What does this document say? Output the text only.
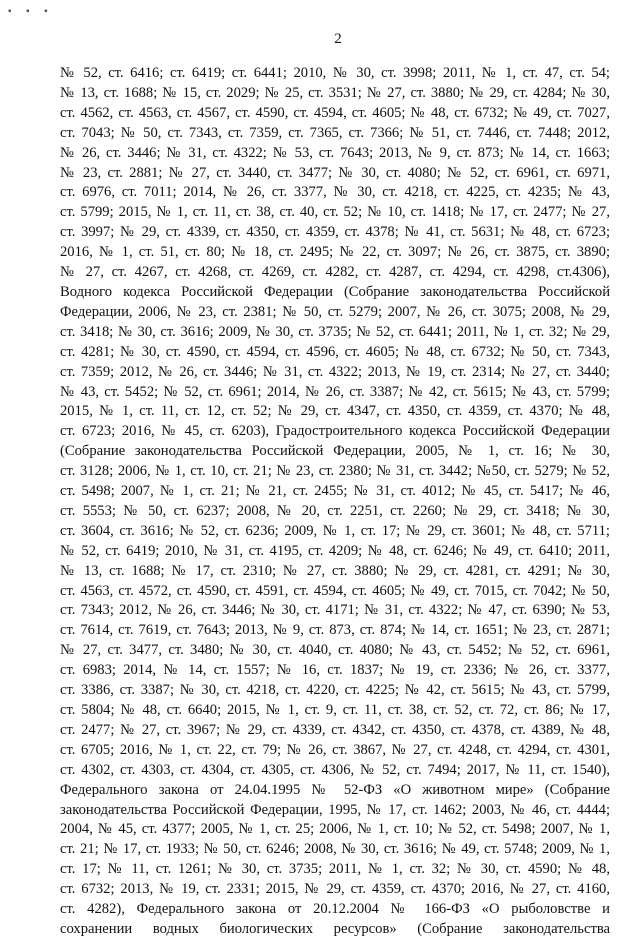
▪ ▪ ▪
2
№ 52, ст. 6416; ст. 6419; ст. 6441; 2010, № 30, ст. 3998; 2011, № 1, ст. 47, ст. 54;
№ 13, ст. 1688; № 15, ст. 2029; № 25, ст. 3531; № 27, ст. 3880; № 29, ст. 4284; № 30,
ст. 4562, ст. 4563, ст. 4567, ст. 4590, ст. 4594, ст. 4605; № 48, ст. 6732; № 49, ст. 7027,
ст. 7043; № 50, ст. 7343, ст. 7359, ст. 7365, ст. 7366; № 51, ст. 7446, ст. 7448; 2012,
№ 26, ст. 3446; № 31, ст. 4322; № 53, ст. 7643; 2013, № 9, ст. 873; № 14, ст. 1663;
№ 23, ст. 2881; № 27, ст. 3440, ст. 3477; № 30, ст. 4080; № 52, ст. 6961, ст. 6971,
ст. 6976, ст. 7011; 2014, № 26, ст. 3377, № 30, ст. 4218, ст. 4225, ст. 4235; № 43,
ст. 5799; 2015, № 1, ст. 11, ст. 38, ст. 40, ст. 52; № 10, ст. 1418; № 17, ст. 2477; № 27,
ст. 3997; № 29, ст. 4339, ст. 4350, ст. 4359, ст. 4378; № 41, ст. 5631; № 48, ст. 6723;
2016, № 1, ст. 51, ст. 80; № 18, ст. 2495; № 22, ст. 3097; № 26, ст. 3875, ст. 3890;
№ 27, ст. 4267, ст. 4268, ст. 4269, ст. 4282, ст. 4287, ст. 4294, ст. 4298, ст.4306),
Водного кодекса Российской Федерации (Собрание законодательства Российской
Федерации, 2006, № 23, ст. 2381; № 50, ст. 5279; 2007, № 26, ст. 3075; 2008, № 29,
ст. 3418; № 30, ст. 3616; 2009, № 30, ст. 3735; № 52, ст. 6441; 2011, № 1, ст. 32; № 29,
ст. 4281; № 30, ст. 4590, ст. 4594, ст. 4596, ст. 4605; № 48, ст. 6732; № 50, ст. 7343,
ст. 7359; 2012, № 26, ст. 3446; № 31, ст. 4322; 2013, № 19, ст. 2314; № 27, ст. 3440;
№ 43, ст. 5452; № 52, ст. 6961; 2014, № 26, ст. 3387; № 42, ст. 5615; № 43, ст. 5799;
2015, № 1, ст. 11, ст. 12, ст. 52; № 29, ст. 4347, ст. 4350, ст. 4359, ст. 4370; № 48,
ст. 6723; 2016, № 45, ст. 6203), Градостроительного кодекса Российской Федерации
(Собрание законодательства Российской Федерации, 2005, № 1, ст. 16; № 30,
ст. 3128; 2006, № 1, ст. 10, ст. 21; № 23, ст. 2380; № 31, ст. 3442; №50, ст. 5279; № 52,
ст. 5498; 2007, № 1, ст. 21; № 21, ст. 2455; № 31, ст. 4012; № 45, ст. 5417; № 46,
ст. 5553; № 50, ст. 6237; 2008, № 20, ст. 2251, ст. 2260; № 29, ст. 3418; № 30,
ст. 3604, ст. 3616; № 52, ст. 6236; 2009, № 1, ст. 17; № 29, ст. 3601; № 48, ст. 5711;
№ 52, ст. 6419; 2010, № 31, ст. 4195, ст. 4209; № 48, ст. 6246; № 49, ст. 6410; 2011,
№ 13, ст. 1688; № 17, ст. 2310; № 27, ст. 3880; № 29, ст. 4281, ст. 4291; № 30,
ст. 4563, ст. 4572, ст. 4590, ст. 4591, ст. 4594, ст. 4605; № 49, ст. 7015, ст. 7042; № 50,
ст. 7343; 2012, № 26, ст. 3446; № 30, ст. 4171; № 31, ст. 4322; № 47, ст. 6390; № 53,
ст. 7614, ст. 7619, ст. 7643; 2013, № 9, ст. 873, ст. 874; № 14, ст. 1651; № 23, ст. 2871;
№ 27, ст. 3477, ст. 3480; № 30, ст. 4040, ст. 4080; № 43, ст. 5452; № 52, ст. 6961,
ст. 6983; 2014, № 14, ст. 1557; № 16, ст. 1837; № 19, ст. 2336; № 26, ст. 3377,
ст. 3386, ст. 3387; № 30, ст. 4218, ст. 4220, ст. 4225; № 42, ст. 5615; № 43, ст. 5799,
ст. 5804; № 48, ст. 6640; 2015, № 1, ст. 9, ст. 11, ст. 38, ст. 52, ст. 72, ст. 86; № 17,
ст. 2477; № 27, ст. 3967; № 29, ст. 4339, ст. 4342, ст. 4350, ст. 4378, ст. 4389, № 48,
ст. 6705; 2016, № 1, ст. 22, ст. 79; № 26, ст. 3867, № 27, ст. 4248, ст. 4294, ст. 4301,
ст. 4302, ст. 4303, ст. 4304, ст. 4305, ст. 4306, № 52, ст. 7494; 2017, № 11, ст. 1540),
Федерального закона от 24.04.1995 № 52-ФЗ «О животном мире» (Собрание
законодательства Российской Федерации, 1995, № 17, ст. 1462; 2003, № 46, ст. 4444;
2004, № 45, ст. 4377; 2005, № 1, ст. 25; 2006, № 1, ст. 10; № 52, ст. 5498; 2007, № 1,
ст. 21; № 17, ст. 1933; № 50, ст. 6246; 2008, № 30, ст. 3616; № 49, ст. 5748; 2009, № 1,
ст. 17; № 11, ст. 1261; № 30, ст. 3735; 2011, № 1, ст. 32; № 30, ст. 4590; № 48,
ст. 6732; 2013, № 19, ст. 2331; 2015, № 29, ст. 4359, ст. 4370; 2016, № 27, ст. 4160,
ст. 4282), Федерального закона от 20.12.2004 № 166-ФЗ «О рыболовстве и
сохранении водных биологических ресурсов» (Собрание законодательства
